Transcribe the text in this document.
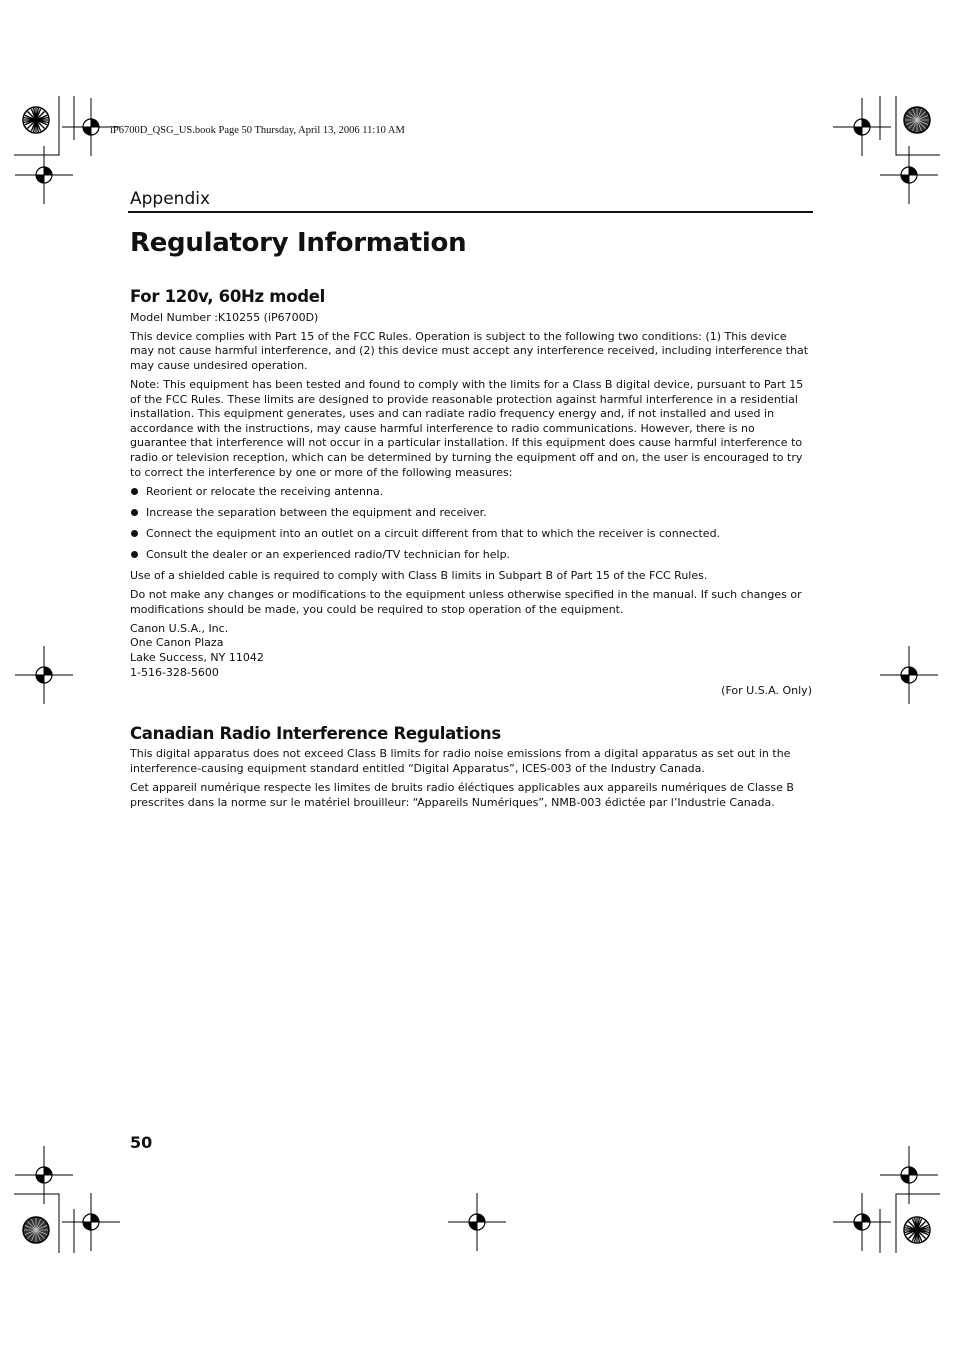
iP6700D_QSG_US.book Page 50 Thursday, April 13, 2006 11:10 AM
Appendix
Regulatory Information
For 120v, 60Hz model

Model Number :K10255 (iP6700D)

This device complies with Part 15 of the FCC Rules. Operation is subject to the following two conditions: (1) This device may not cause harmful interference, and (2) this device must accept any interference received, including interference that may cause undesired operation.

Note: This equipment has been tested and found to comply with the limits for a Class B digital device, pursuant to Part 15 of the FCC Rules. These limits are designed to provide reasonable protection against harmful interference in a residential installation. This equipment generates, uses and can radiate radio frequency energy and, if not installed and used in accordance with the instructions, may cause harmful interference to radio communications. However, there is no guarantee that interference will not occur in a particular installation. If this equipment does cause harmful interference to radio or television reception, which can be determined by turning the equipment off and on, the user is encouraged to try to correct the interference by one or more of the following measures:

Reorient or relocate the receiving antenna.
Increase the separation between the equipment and receiver.
Connect the equipment into an outlet on a circuit different from that to which the receiver is connected.
Consult the dealer or an experienced radio/TV technician for help.

Use of a shielded cable is required to comply with Class B limits in Subpart B of Part 15 of the FCC Rules.

Do not make any changes or modifications to the equipment unless otherwise specified in the manual. If such changes or modifications should be made, you could be required to stop operation of the equipment.

Canon U.S.A., Inc.

One Canon Plaza

Lake Success, NY 11042

1-516-328-5600

(For U.S.A. Only)

Canadian Radio Interference Regulations

This digital apparatus does not exceed Class B limits for radio noise emissions from a digital apparatus as set out in the interference-causing equipment standard entitled “Digital Apparatus”, ICES-003 of the Industry Canada.

Cet appareil numérique respecte les limites de bruits radio éléctiques applicables aux appareils numériques de Classe B prescrites dans la norme sur le matériel brouilleur: “Appareils Numériques”, NMB-003 édictée par l’Industrie Canada.

50
